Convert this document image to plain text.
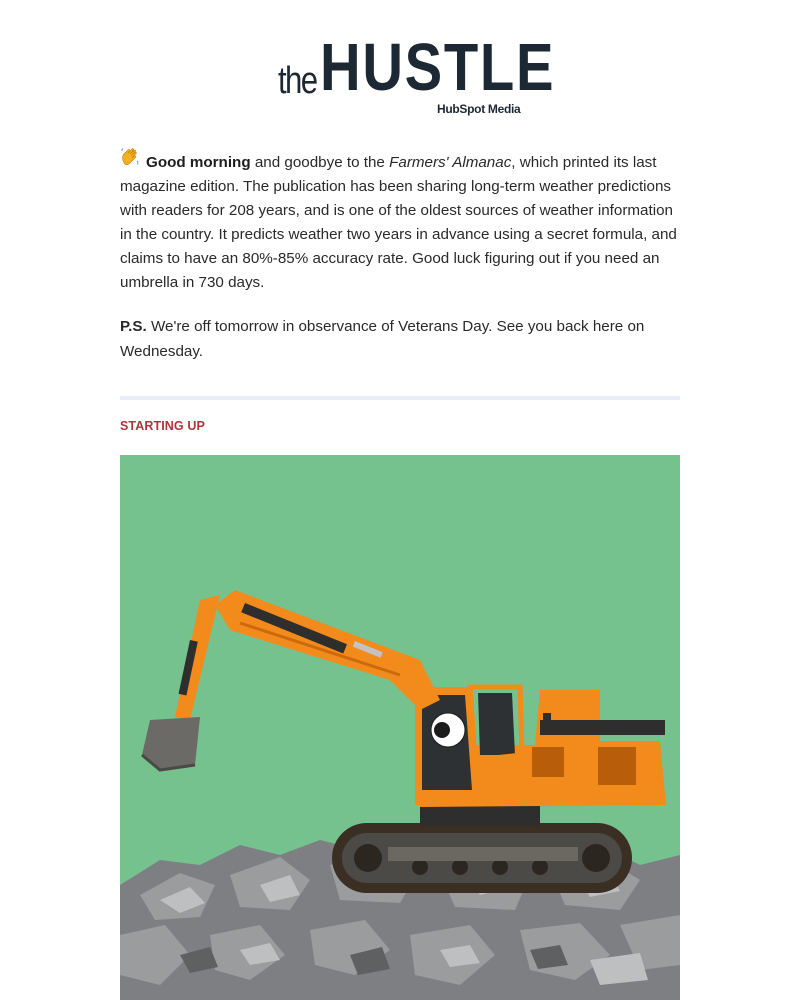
the HUSTLE
HubSpot Media
Good morning and goodbye to the Farmers' Almanac, which printed its last magazine edition. The publication has been sharing long-term weather predictions with readers for 208 years, and is one of the oldest sources of weather information in the country. It predicts weather two years in advance using a secret formula, and claims to have an 80%-85% accuracy rate. Good luck figuring out if you need an umbrella in 730 days.
P.S. We're off tomorrow in observance of Veterans Day. See you back here on Wednesday.
STARTING UP
